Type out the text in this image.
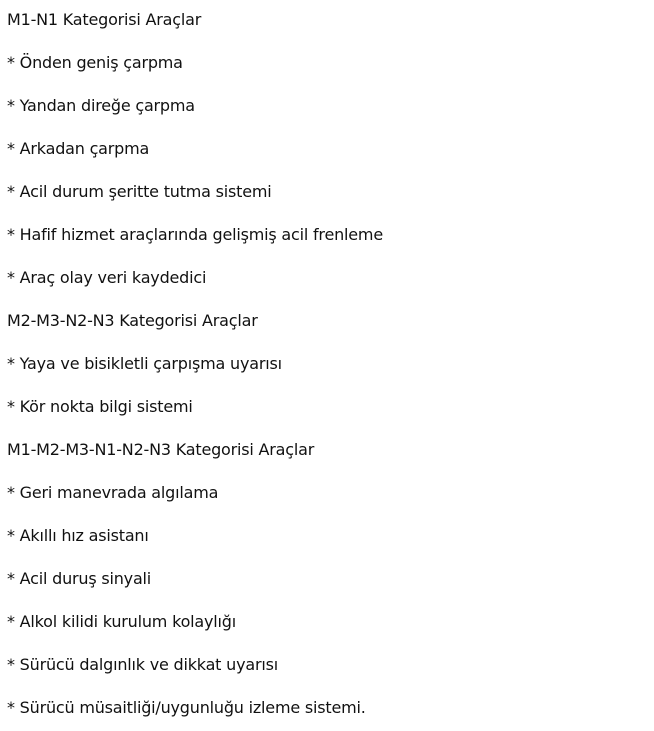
M1-N1 Kategorisi Araçlar
* Önden geniş çarpma
* Yandan direğe çarpma
* Arkadan çarpma
* Acil durum şeritte tutma sistemi
* Hafif hizmet araçlarında gelişmiş acil frenleme
* Araç olay veri kaydedici
M2-M3-N2-N3 Kategorisi Araçlar
* Yaya ve bisikletli çarpışma uyarısı
* Kör nokta bilgi sistemi
M1-M2-M3-N1-N2-N3 Kategorisi Araçlar
* Geri manevrada algılama
* Akıllı hız asistanı
* Acil duruş sinyali
* Alkol kilidi kurulum kolaylığı
* Sürücü dalgınlık ve dikkat uyarısı
* Sürücü müsaitliği/uygunluğu izleme sistemi.
